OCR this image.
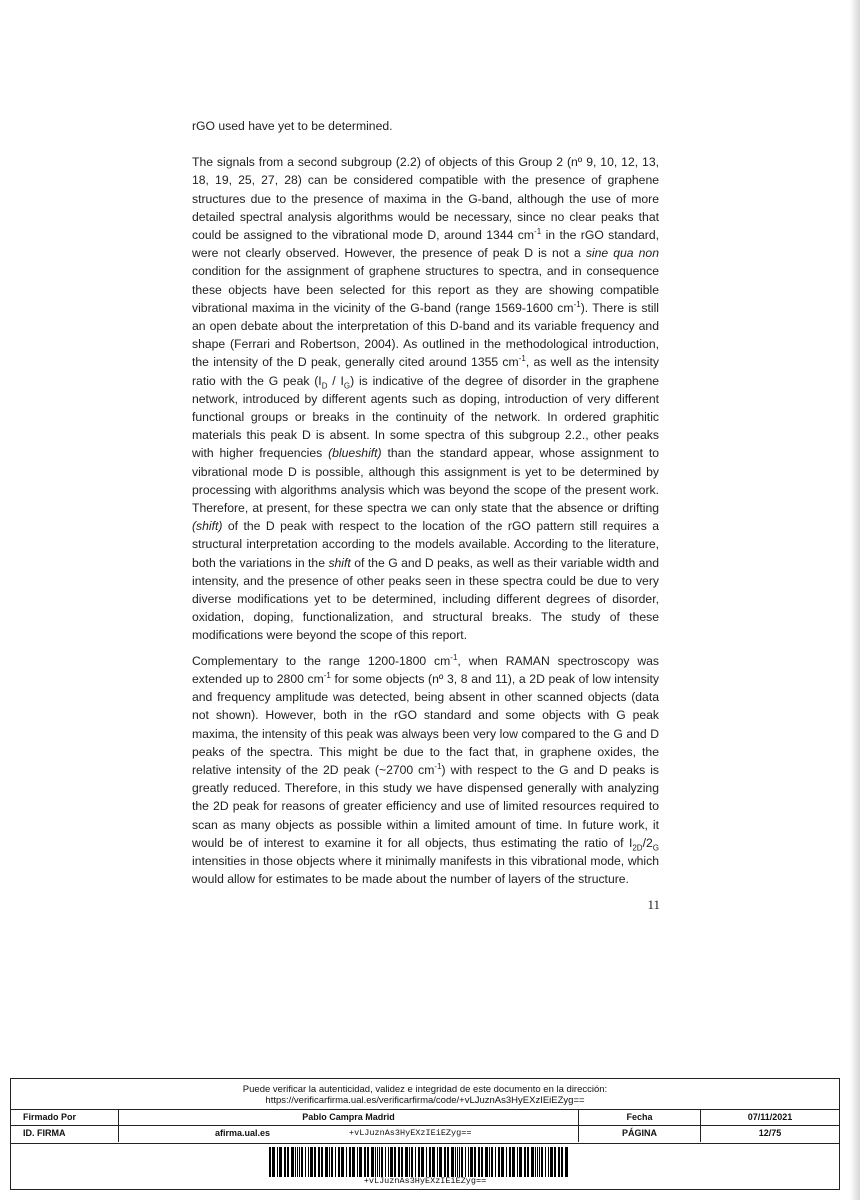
rGO used have yet to be determined.

The signals from a second subgroup (2.2) of objects of this Group 2 (nº 9, 10, 12, 13, 18, 19, 25, 27, 28) can be considered compatible with the presence of graphene structures due to the presence of maxima in the G-band, although the use of more detailed spectral analysis algorithms would be necessary, since no clear peaks that could be assigned to the vibrational mode D, around 1344 $cm^{-1}$ in the rGO standard, were not clearly observed. However, the presence of peak D is not a sine qua non condition for the assignment of graphene structures to spectra, and in consequence these objects have been selected for this report as they are showing compatible vibrational maxima in the vicinity of the G-band (range 1569-1600 $cm^{-1}$). There is still an open debate about the interpretation of this D-band and its variable frequency and shape (Ferrari and Robertson, 2004). As outlined in the methodological introduction, the intensity of the D peak, generally cited around 1355 $cm^{-1}$, as well as the intensity ratio with the G peak $(I_D / I_G)$ is indicative of the degree of disorder in the graphene network, introduced by different agents such as doping, introduction of very different functional groups or breaks in the continuity of the network. In ordered graphitic materials this peak D is absent. In some spectra of this subgroup 2.2., other peaks with higher frequencies (blueshift) than the standard appear, whose assignment to vibrational mode D is possible, although this assignment is yet to be determined by processing with algorithms analysis which was beyond the scope of the present work. Therefore, at present, for these spectra we can only state that the absence or drifting (shift) of the D peak with respect to the location of the rGO pattern still requires a structural interpretation according to the models available. According to the literature, both the variations in the shift of the G and D peaks, as well as their variable width and intensity, and the presence of other peaks seen in these spectra could be due to very diverse modifications yet to be determined, including different degrees of disorder, oxidation, doping, functionalization, and structural breaks. The study of these modifications were beyond the scope of this report.

Complementary to the range 1200-1800 $cm^{-1}$, when RAMAN spectroscopy was extended up to 2800 $cm^{-1}$ for some objects (nº 3, 8 and 11), a 2D peak of low intensity and frequency amplitude was detected, being absent in other scanned objects (data not shown). However, both in the rGO standard and some objects with G peak maxima, the intensity of this peak was always been very low compared to the G and D peaks of the spectra. This might be due to the fact that, in graphene oxides, the relative intensity of the 2D peak (~2700 $cm^{-1}$) with respect to the G and D peaks is greatly reduced. Therefore, in this study we have dispensed generally with analyzing the 2D peak for reasons of greater efficiency and use of limited resources required to scan as many objects as possible within a limited amount of time. In future work, it would be of interest to examine it for all objects, thus estimating the ratio of $I_{2D}/2_G$ intensities in those objects where it minimally manifests in this vibrational mode, which would allow for estimates to be made about the number of layers of the structure.

11
Puede verificar la autenticidad, validez e integridad de este documento en la dirección:
https://verificarfirma.ual.es/verificarfirma/code/+vLJuznAs3HyEXzIEiEZyg==
Firmado Por	Pablo Campra Madrid	Fecha	07/11/2021
ID. FIRMA	afirma.ual.es	+vLJuznAs3HyEXzIEiEZyg==	PÁGINA	12/75
+vLJuznAs3HyEXzIEiEZyg==
